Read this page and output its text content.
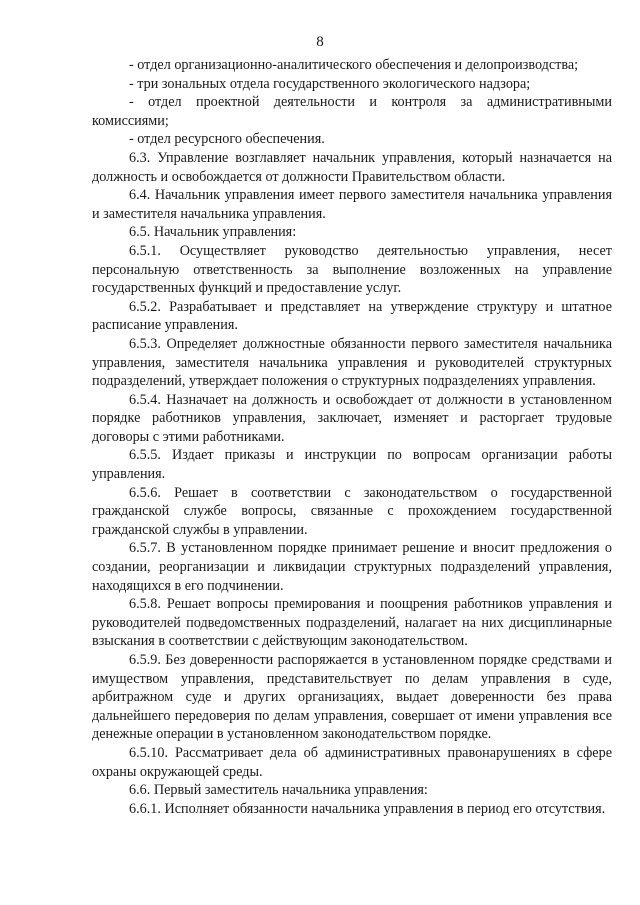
8

- отдел организационно-аналитического обеспечения и делопроизводства;

- три зональных отдела государственного экологического надзора;

- отдел проектной деятельности и контроля за административными комиссиями;

- отдел ресурсного обеспечения.

6.3. Управление возглавляет начальник управления, который назначается на должность и освобождается от должности Правительством области.

6.4. Начальник управления имеет первого заместителя начальника управления и заместителя начальника управления.

6.5. Начальник управления:

6.5.1. Осуществляет руководство деятельностью управления, несет персональную ответственность за выполнение возложенных на управление государственных функций и предоставление услуг.

6.5.2. Разрабатывает и представляет на утверждение структуру и штатное расписание управления.

6.5.3. Определяет должностные обязанности первого заместителя начальника управления, заместителя начальника управления и руководителей структурных подразделений, утверждает положения о структурных подразделениях управления.

6.5.4. Назначает на должность и освобождает от должности в установленном порядке работников управления, заключает, изменяет и расторгает трудовые договоры с этими работниками.

6.5.5. Издает приказы и инструкции по вопросам организации работы управления.

6.5.6. Решает в соответствии с законодательством о государственной гражданской службе вопросы, связанные с прохождением государственной гражданской службы в управлении.

6.5.7. В установленном порядке принимает решение и вносит предложения о создании, реорганизации и ликвидации структурных подразделений управления, находящихся в его подчинении.

6.5.8. Решает вопросы премирования и поощрения работников управления и руководителей подведомственных подразделений, налагает на них дисциплинарные взыскания в соответствии с действующим законодательством.

6.5.9. Без доверенности распоряжается в установленном порядке средствами и имуществом управления, представительствует по делам управления в суде, арбитражном суде и других организациях, выдает доверенности без права дальнейшего передоверия по делам управления, совершает от имени управления все денежные операции в установленном законодательством порядке.

6.5.10. Рассматривает дела об административных правонарушениях в сфере охраны окружающей среды.

6.6. Первый заместитель начальника управления:

6.6.1. Исполняет обязанности начальника управления в период его отсутствия.
